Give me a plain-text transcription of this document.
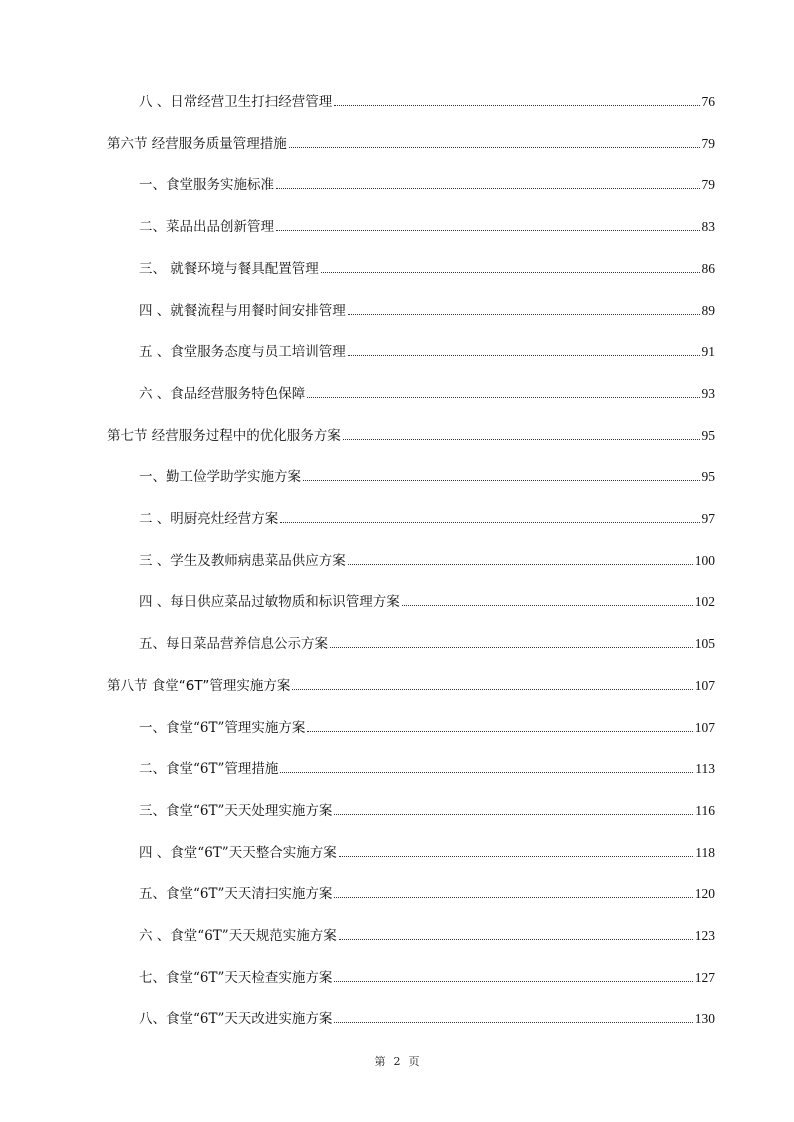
八 、日常经营卫生打扫经营管理	76
第六节 经营服务质量管理措施	79
一、食堂服务实施标准	79
二、菜品出品创新管理	83
三、 就餐环境与餐具配置管理	86
四 、就餐流程与用餐时间安排管理	89
五 、食堂服务态度与员工培训管理	91
六 、食品经营服务特色保障	93
第七节 经营服务过程中的优化服务方案	95
一、勤工俭学助学实施方案	95
二 、明厨亮灶经营方案	97
三 、学生及教师病患菜品供应方案	100
四 、每日供应菜品过敏物质和标识管理方案	102
五、每日菜品营养信息公示方案	105
第八节 食堂“6T”管理实施方案	107
一、食堂“6T”管理实施方案	107
二、食堂“6T”管理措施	113
三、食堂“6T”天天处理实施方案	116
四 、食堂“6T”天天整合实施方案	118
五、食堂“6T”天天清扫实施方案	120
六 、食堂“6T”天天规范实施方案	123
七、食堂“6T”天天检查实施方案	127
八、食堂“6T”天天改进实施方案	130
第 2 页
